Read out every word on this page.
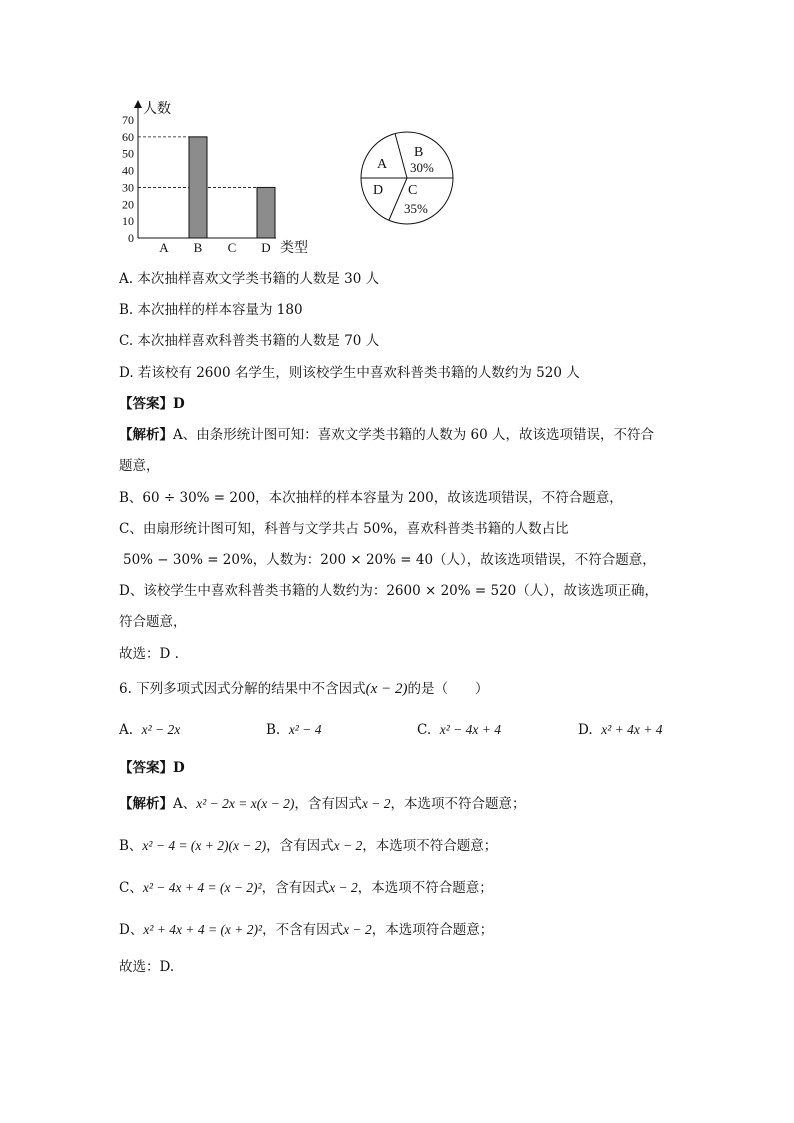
人数
类型
70
60
50
40
30
20
10
0
A B C D
A
B
30%
C
35%
D
A. 本次抽样喜欢文学类书籍的人数是 30 人
B. 本次抽样的样本容量为 180
C. 本次抽样喜欢科普类书籍的人数是 70 人
D. 若该校有 2600 名学生，则该校学生中喜欢科普类书籍的人数约为 520 人
【答案】D
【解析】A、由条形统计图可知：喜欢文学类书籍的人数为 60 人，故该选项错误，不符合
题意，
B、60 ÷ 30% = 200，本次抽样的样本容量为 200，故该选项错误，不符合题意，
C、由扇形统计图可知，科普与文学共占 50%，喜欢科普类书籍的人数占比
50% − 30% = 20%，人数为：200 × 20% = 40（人），故该选项错误，不符合题意，
D、该校学生中喜欢科普类书籍的人数约为：2600 × 20% = 520（人），故该选项正确，
符合题意，
故选：D .
6. 下列多项式因式分解的结果中不含因式(x − 2)的是（　　）
A. x² − 2x	B. x² − 4	C. x² − 4x + 4	D. x² + 4x + 4
【答案】D
【解析】A、x² − 2x = x(x − 2)，含有因式x − 2，本选项不符合题意；
B、x² − 4 = (x + 2)(x − 2)，含有因式x − 2，本选项不符合题意；
C、x² − 4x + 4 = (x − 2)²，含有因式x − 2，本选项不符合题意；
D、x² + 4x + 4 = (x + 2)²，不含有因式x − 2，本选项符合题意；
故选：D.
